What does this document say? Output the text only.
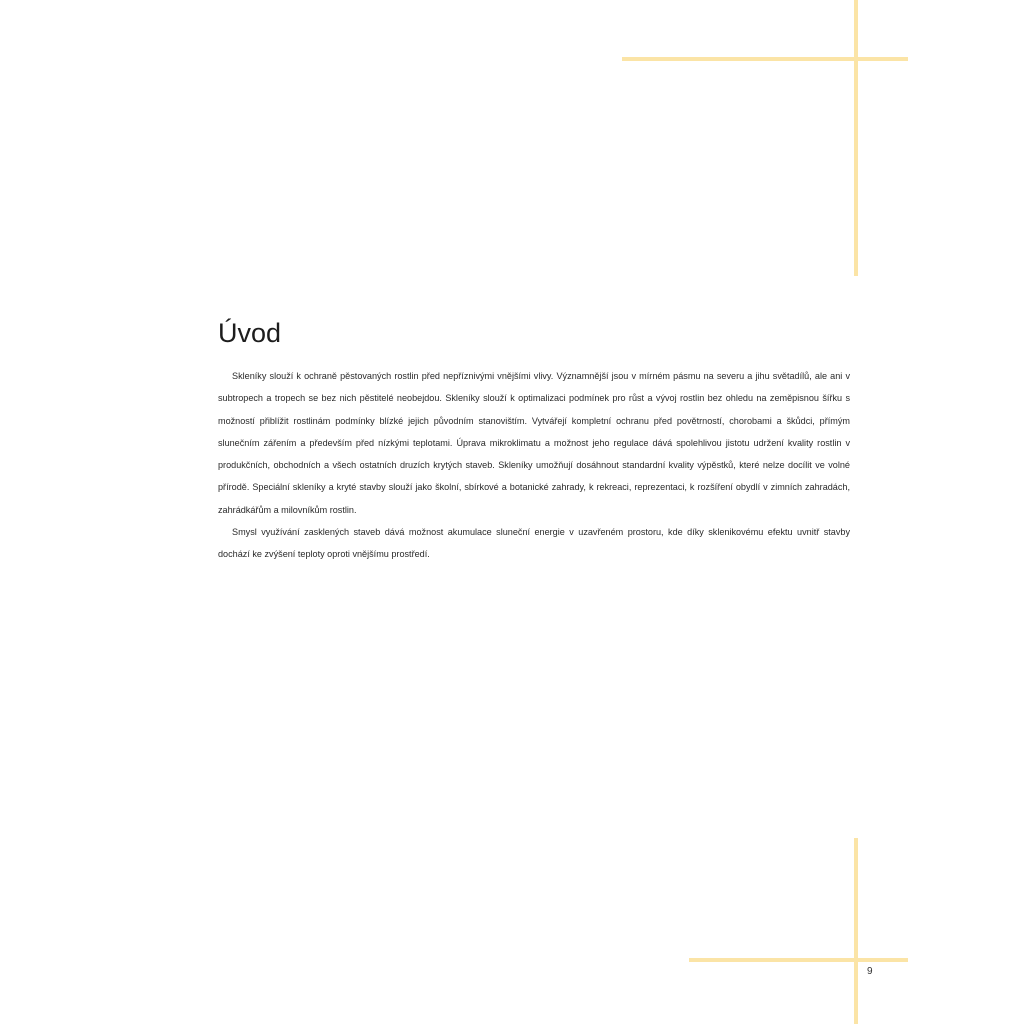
Úvod

Skleníky slouží k ochraně pěstovaných rostlin před nepříznivými vnějšími vlivy. Významnější jsou v mírném pásmu na severu a jihu světadílů, ale ani v subtropech a tropech se bez nich pěstitelé neobejdou. Skleníky slouží k optimalizaci podmínek pro růst a vývoj rostlin bez ohledu na zeměpisnou šířku s možností přiblížit rostlinám podmínky blízké jejich původním stanovištím. Vytvářejí kompletní ochranu před povětrností, chorobami a škůdci, přímým slunečním zářením a především před nízkými teplotami. Úprava mikroklimatu a možnost jeho regulace dává spolehlivou jistotu udržení kvality rostlin v produkčních, obchodních a všech ostatních druzích krytých staveb. Skleníky umožňují dosáhnout standardní kvality výpěstků, které nelze docílit ve volné přírodě. Speciální skleníky a kryté stavby slouží jako školní, sbírkové a botanické zahrady, k rekreaci, reprezentaci, k rozšíření obydlí v zimních zahradách, zahrádkářům a milovníkům rostlin.

Smysl využívání zasklených staveb dává možnost akumulace sluneční energie v uzavřeném prostoru, kde díky sklenikovému efektu uvnitř stavby dochází ke zvýšení teploty oproti vnějšímu prostředí.

9
